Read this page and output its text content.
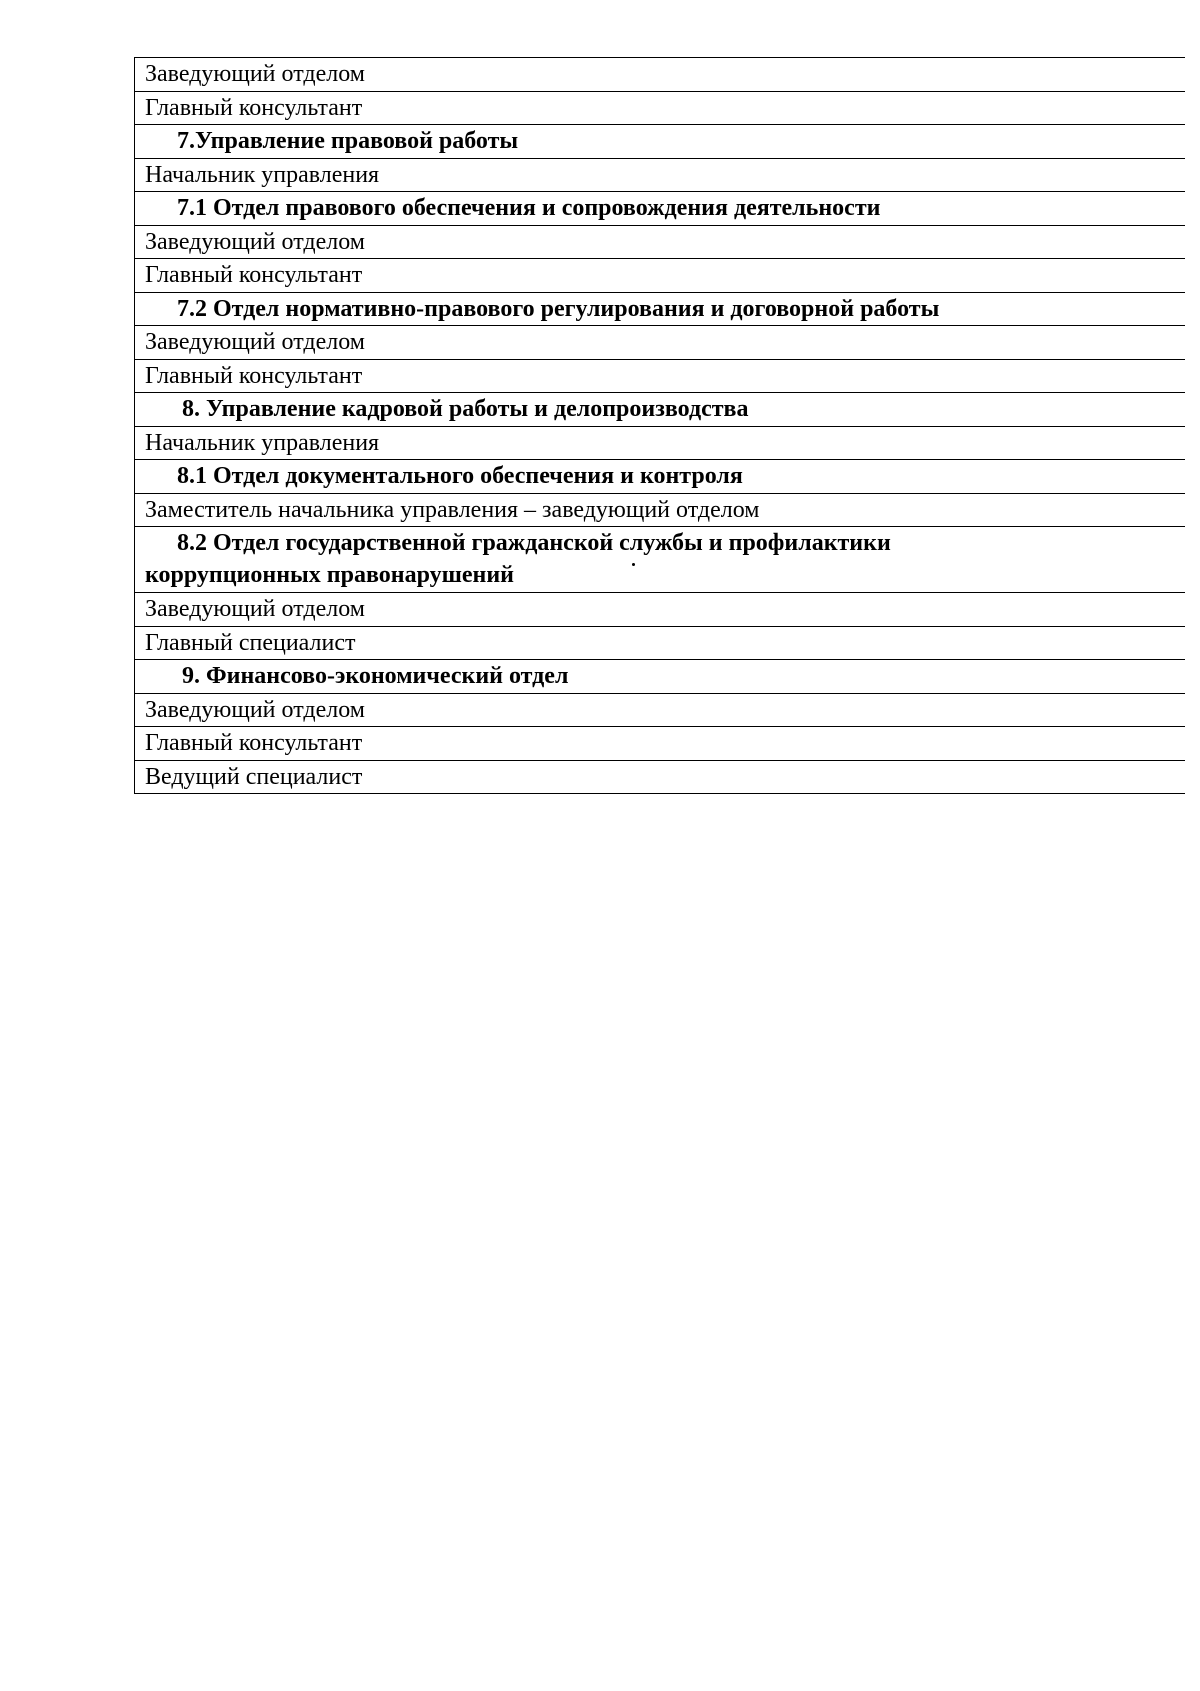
Заведующий отделом
Главный консультант
7.Управление правовой работы
Начальник управления
7.1 Отдел правового обеспечения и сопровождения деятельности
Заведующий отделом
Главный консультант
7.2 Отдел нормативно-правового регулирования и договорной работы
Заведующий отделом
Главный консультант
8. Управление кадровой работы и делопроизводства
Начальник управления
8.1 Отдел документального обеспечения и контроля
Заместитель начальника управления – заведующий отделом
8.2 Отдел государственной гражданской службы и профилактики
коррупционных правонарушений
Заведующий отделом
Главный специалист
9. Финансово-экономический отдел
Заведующий отделом
Главный консультант
Ведущий специалист
